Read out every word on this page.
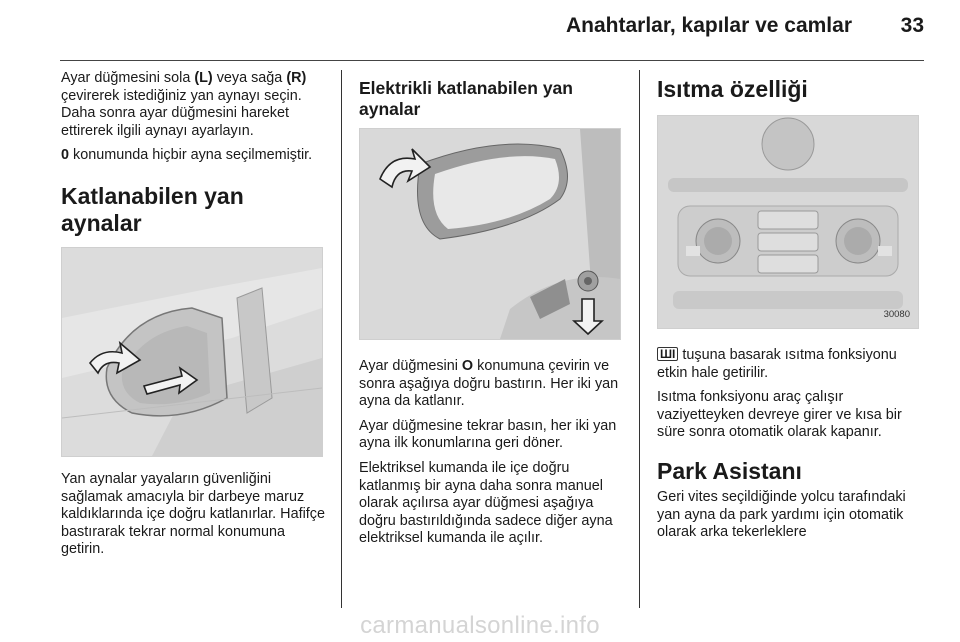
Anahtarlar, kapılar ve camlar 33

Ayar düğmesini sola (L) veya sağa (R) çevirerek istediğiniz yan aynayı seçin. Daha sonra ayar düğmesini hareket ettirerek ilgili aynayı ayarlayın.

0 konumunda hiçbir ayna seçilmemiştir.

Katlanabilen yan aynalar

Yan aynalar yayaların güvenliğini sağlamak amacıyla bir darbeye maruz kaldıklarında içe doğru katlanırlar. Hafifçe bastırarak tekrar normal konumuna getirin.

Elektrikli katlanabilen yan aynalar

Ayar düğmesini O konumuna çevirin ve sonra aşağıya doğru bastırın. Her iki yan ayna da katlanır.

Ayar düğmesine tekrar basın, her iki yan ayna ilk konumlarına geri döner.

Elektriksel kumanda ile içe doğru katlanmış bir ayna daha sonra manuel olarak açılırsa ayar düğmesi aşağıya doğru bastırıldığında sadece diğer ayna elektriksel kumanda ile açılır.

Isıtma özelliği
30080

ШΙ tuşuna basarak ısıtma fonksiyonu etkin hale getirilir.

Isıtma fonksiyonu araç çalışır vaziyetteyken devreye girer ve kısa bir süre sonra otomatik olarak kapanır.

Park Asistanı

Geri vites seçildiğinde yolcu tarafındaki yan ayna da park yardımı için otomatik olarak arka tekerleklere

carmanualsonline.info
